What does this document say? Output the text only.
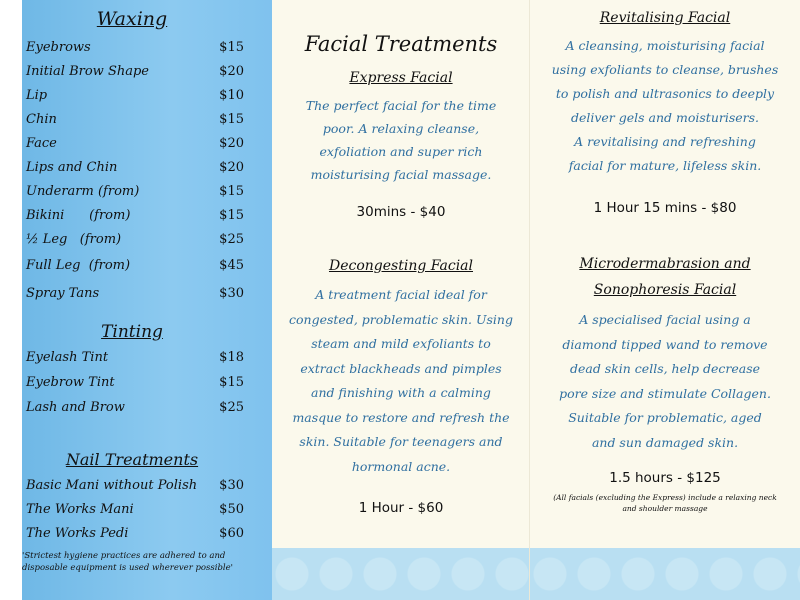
Waxing
Eyebrows	$15
Initial Brow Shape	$20
Lip	$10
Chin	$15
Face	$20
Lips and Chin	$20
Underarm (from)	$15
Bikini      (from)	$15
½ Leg   (from)	$25
Full Leg  (from)	$45
Spray Tans	$30
Tinting
Eyelash Tint	$18
Eyebrow Tint	$15
Lash and Brow	$25
Nail Treatments
Basic Mani without Polish $30
The Works Mani	$50
The Works Pedi	$60
'Strictest hygiene practices are adhered to and
disposable equipment is used wherever possible'
Facial Treatments
Express Facial
The perfect facial for the time
poor. A relaxing cleanse,
exfoliation and super rich
moisturising facial massage.
30mins - $40
Decongesting Facial
A treatment facial ideal for
congested, problematic skin. Using
steam and mild exfoliants to
extract blackheads and pimples
and finishing with a calming
masque to restore and refresh the
skin. Suitable for teenagers and
hormonal acne.
1 Hour - $60
Revitalising Facial
A cleansing, moisturising facial
using exfoliants to cleanse, brushes
to polish and ultrasonics to deeply
deliver gels and moisturisers.
A revitalising and refreshing
facial for mature, lifeless skin.
1 Hour 15 mins - $80
Microdermabrasion and
Sonophoresis Facial
A specialised facial using a
diamond tipped wand to remove
dead skin cells, help decrease
pore size and stimulate Collagen.
Suitable for problematic, aged
and sun damaged skin.
1.5 hours - $125
(All facials (excluding the Express) include a relaxing neck
and shoulder massage
